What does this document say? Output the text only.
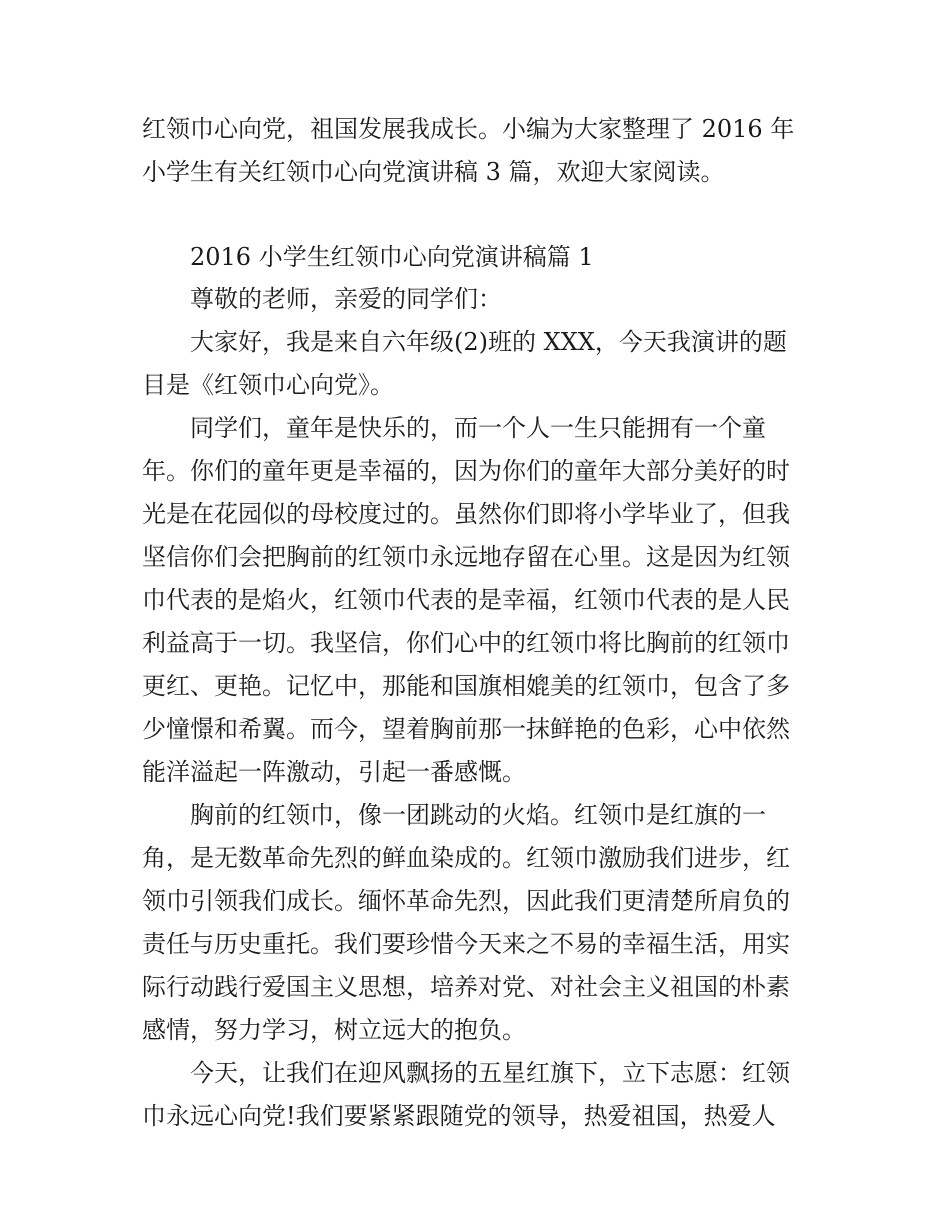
红领巾心向党，祖国发展我成长。小编为大家整理了 2016 年
小学生有关红领巾心向党演讲稿 3 篇，欢迎大家阅读。
2016 小学生红领巾心向党演讲稿篇 1
尊敬的老师，亲爱的同学们：
大家好，我是来自六年级(2)班的 XXX，今天我演讲的题
目是《红领巾心向党》。
同学们，童年是快乐的，而一个人一生只能拥有一个童
年。你们的童年更是幸福的，因为你们的童年大部分美好的时
光是在花园似的母校度过的。虽然你们即将小学毕业了，但我
坚信你们会把胸前的红领巾永远地存留在心里。这是因为红领
巾代表的是焰火，红领巾代表的是幸福，红领巾代表的是人民
利益高于一切。我坚信，你们心中的红领巾将比胸前的红领巾
更红、更艳。记忆中，那能和国旗相媲美的红领巾，包含了多
少憧憬和希翼。而今，望着胸前那一抹鲜艳的色彩，心中依然
能洋溢起一阵激动，引起一番感慨。
胸前的红领巾，像一团跳动的火焰。红领巾是红旗的一
角，是无数革命先烈的鲜血染成的。红领巾激励我们进步，红
领巾引领我们成长。缅怀革命先烈，因此我们更清楚所肩负的
责任与历史重托。我们要珍惜今天来之不易的幸福生活，用实
际行动践行爱国主义思想，培养对党、对社会主义祖国的朴素
感情，努力学习，树立远大的抱负。
今天，让我们在迎风飘扬的五星红旗下，立下志愿：红领
巾永远心向党!我们要紧紧跟随党的领导，热爱祖国，热爱人
